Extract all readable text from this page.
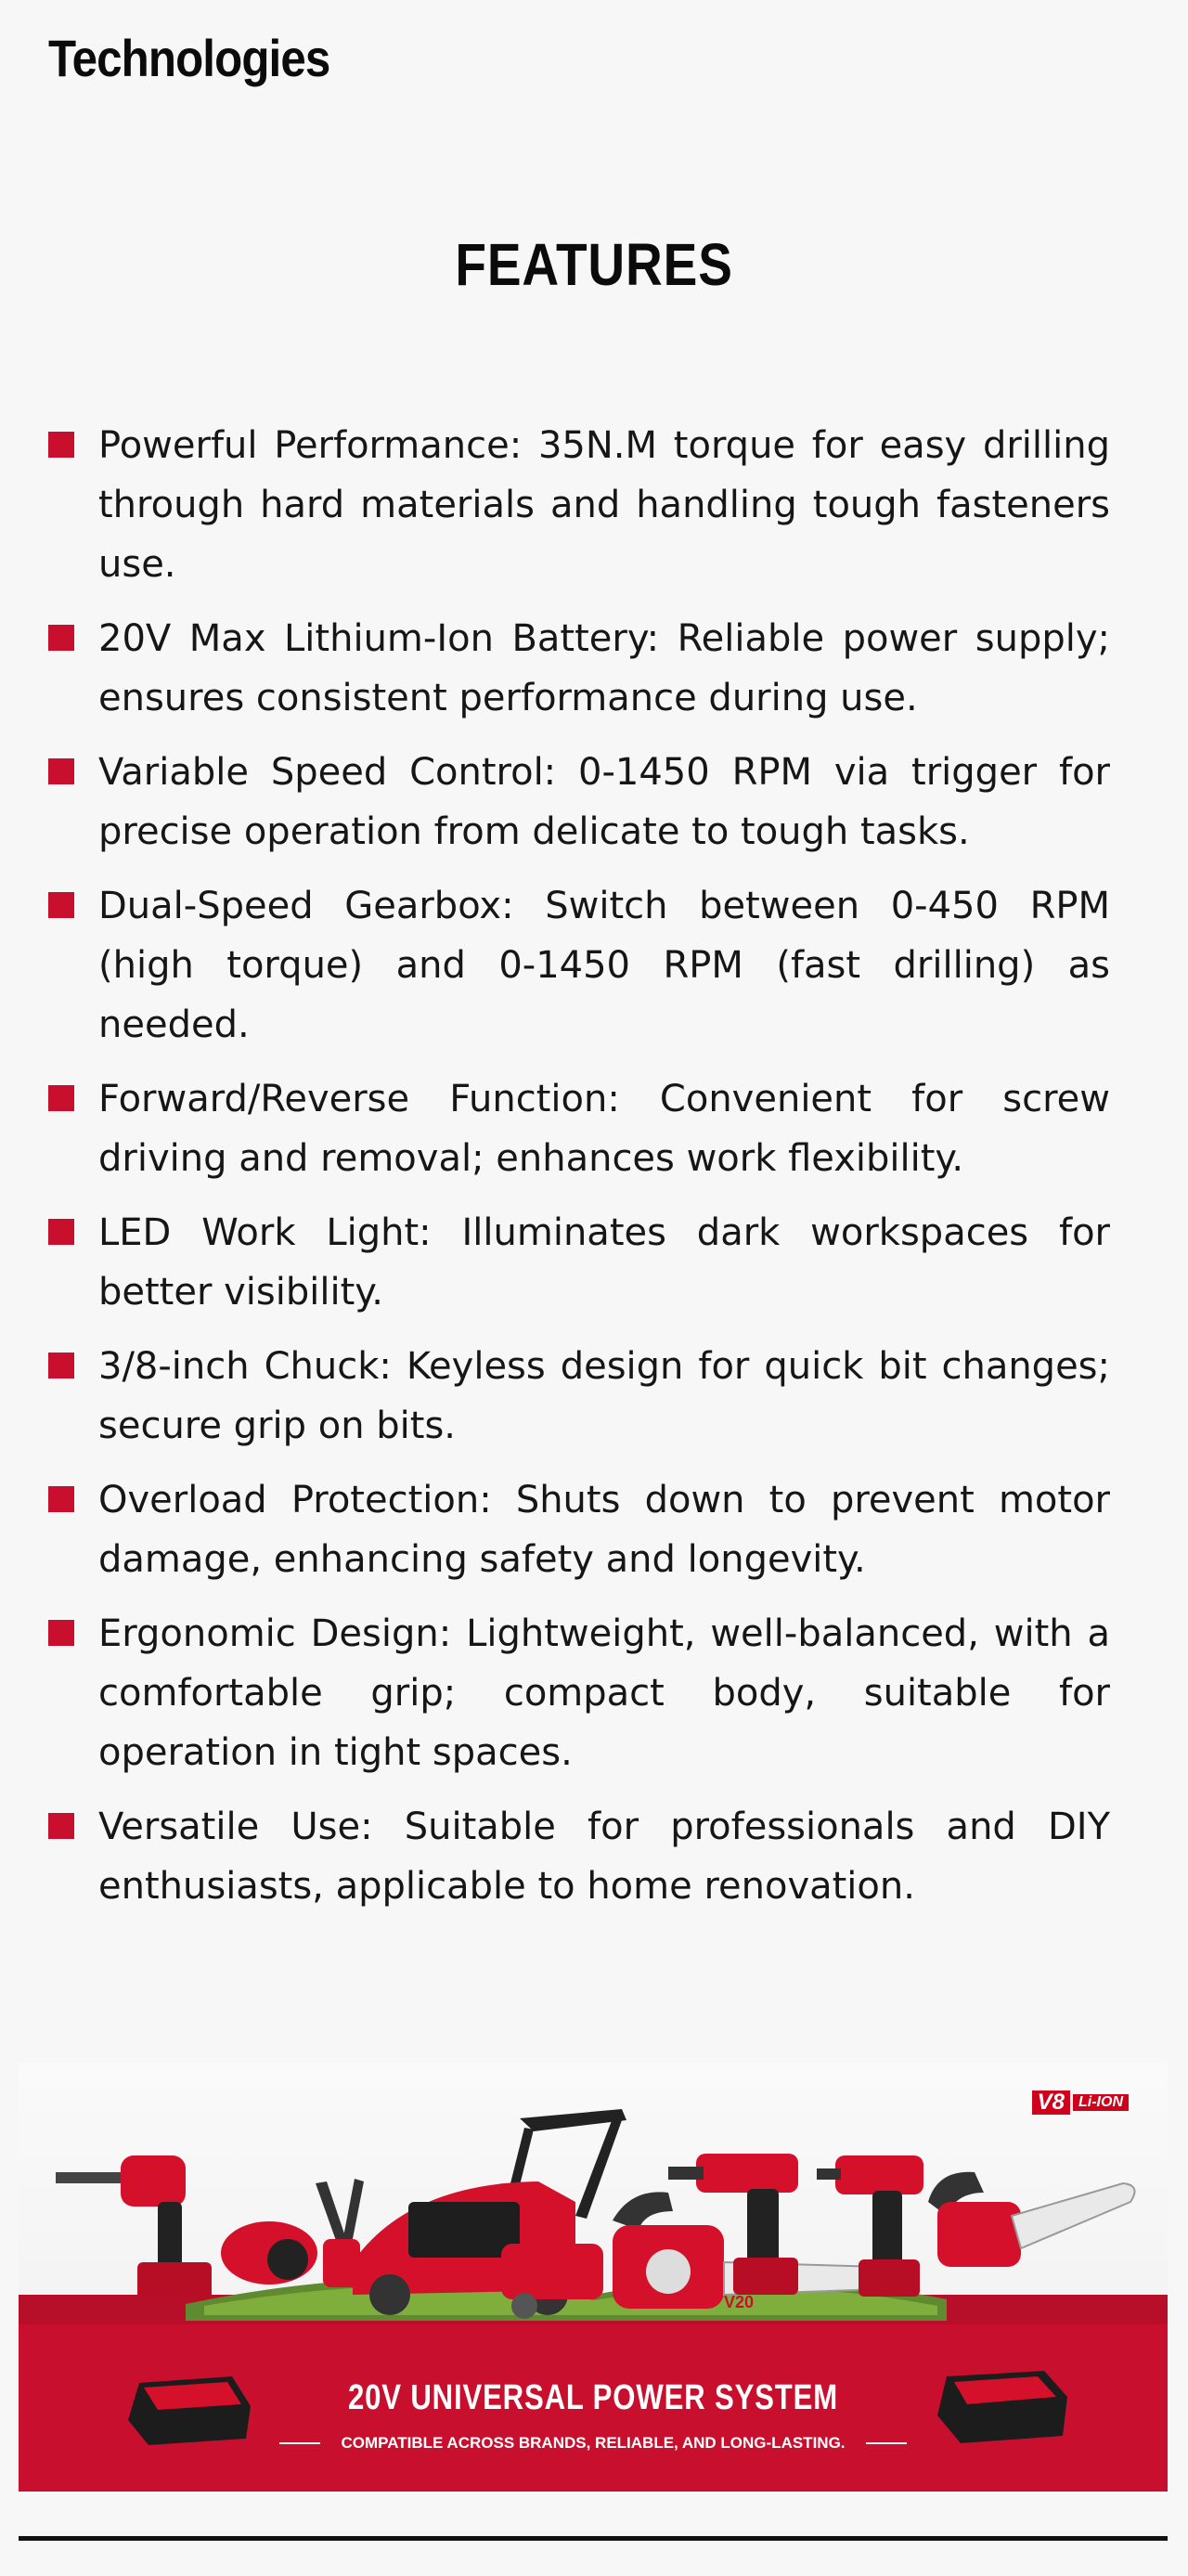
Technologies
FEATURES
Powerful Performance: 35N.M torque for easy drilling through hard materials and handling tough fasteners use.
20V Max Lithium-Ion Battery: Reliable power supply; ensures consistent performance during use.
Variable Speed Control: 0-1450 RPM via trigger for precise operation from delicate to tough tasks.
Dual-Speed Gearbox: Switch between 0-450 RPM (high torque) and 0-1450 RPM (fast drilling) as needed.
Forward/Reverse Function: Convenient for screw driving and removal; enhances work flexibility.
LED Work Light: Illuminates dark workspaces for better visibility.
3/8-inch Chuck: Keyless design for quick bit changes; secure grip on bits.
Overload Protection: Shuts down to prevent motor damage, enhancing safety and longevity.
Ergonomic Design: Lightweight, well-balanced, with a comfortable grip; compact body, suitable for operation in tight spaces.
Versatile Use: Suitable for professionals and DIY enthusiasts, applicable to home renovation.
V8 Li-ION
V20
20V UNIVERSAL POWER SYSTEM
COMPATIBLE ACROSS BRANDS, RELIABLE, AND LONG-LASTING.
